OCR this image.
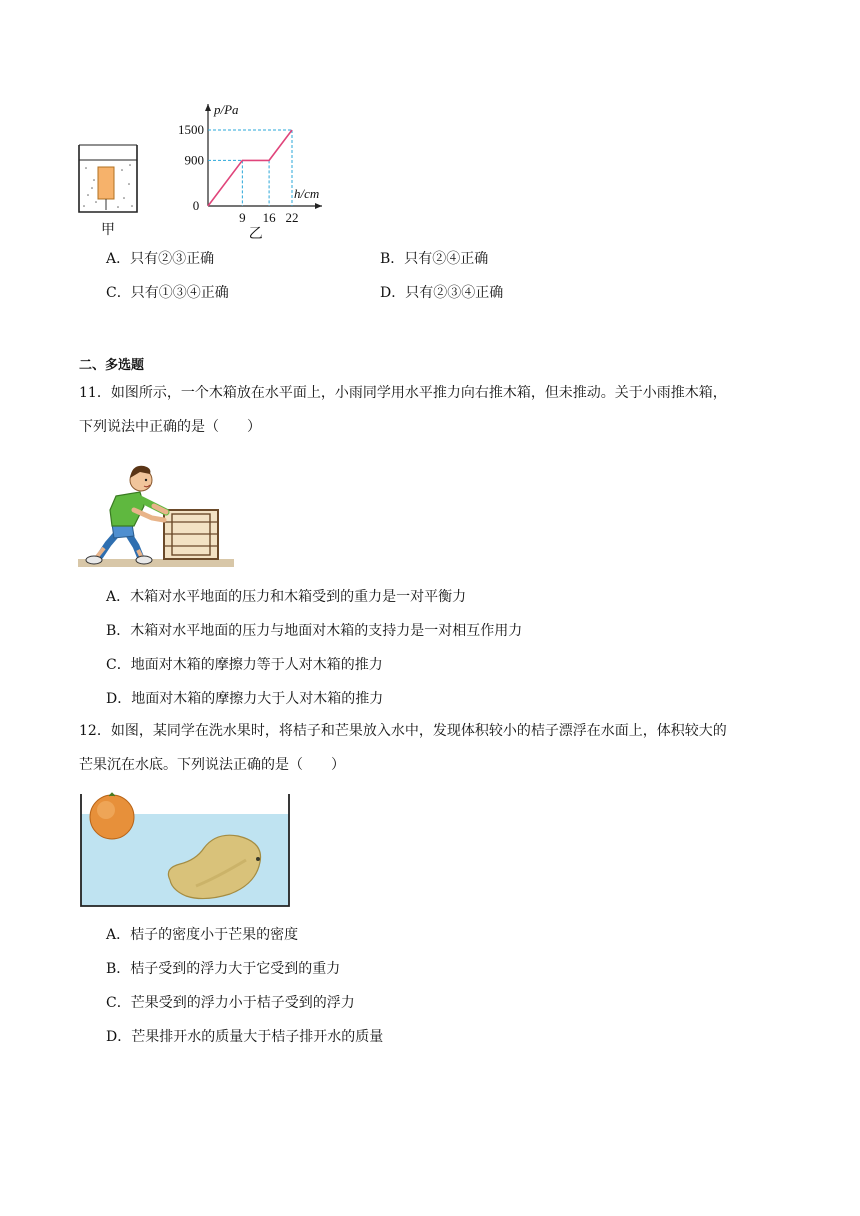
甲
0
9 16 22
900
1500
p/Pa
h/cm
乙
A．只有②③正确	B．只有②④正确
C．只有①③④正确	D．只有②③④正确
二、多选题
11．如图所示，一个木箱放在水平面上，小雨同学用水平推力向右推木箱，但未推动。关于小雨推木箱，
下列说法中正确的是（　　）
A．木箱对水平地面的压力和木箱受到的重力是一对平衡力
B．木箱对水平地面的压力与地面对木箱的支持力是一对相互作用力
C．地面对木箱的摩擦力等于人对木箱的推力
D．地面对木箱的摩擦力大于人对木箱的推力
12．如图，某同学在洗水果时，将桔子和芒果放入水中，发现体积较小的桔子漂浮在水面上，体积较大的
芒果沉在水底。下列说法正确的是（　　）
A．桔子的密度小于芒果的密度
B．桔子受到的浮力大于它受到的重力
C．芒果受到的浮力小于桔子受到的浮力
D．芒果排开水的质量大于桔子排开水的质量
